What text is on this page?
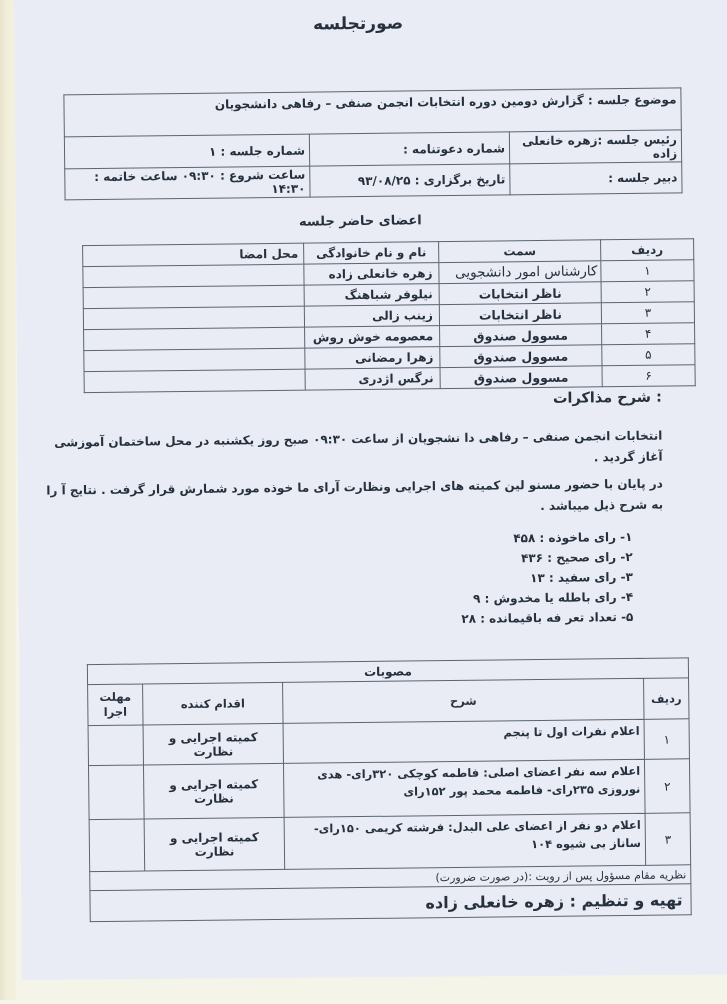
صورتجلسه
موضوع جلسه : گزارش دومین دوره انتخابات انجمن صنفی – رفاهی دانشجویان		
رئیس جلسه :زهره خانعلی زاده	شماره دعوتنامه :	شماره جلسه : ۱
دبیر جلسه :	تاریخ برگزاری : ۹۳/۰۸/۲۵	ساعت شروع : ۰۹:۳۰ ساعت خاتمه : ۱۴:۳۰
اعضای حاضر جلسه
ردیف	سمت	نام و نام خانوادگی	محل امضا
۱	کارشناس امور دانشجویی	زهره خانعلی زاده	
۲	ناظر انتخابات	نیلوفر شباهنگ	
۳	ناظر انتخابات	زینب زالی	
۴	مسوول صندوق	معصومه خوش روش	
۵	مسوول صندوق	زهرا رمضانی	
۶	مسوول صندوق	نرگس اژدری	
شرح مذاکرات :

انتخابات انجمن صنفی – رفاهی دا نشجویان از ساعت ۰۹:۳۰ صبح روز یکشنبه در محل ساختمان آموزشی آغاز گردید .

در پایان با حضور مسنو لین کمیته های اجرایی ونظارت آرای ما خوذه مورد شمارش قرار گرفت . نتایج آ را به شرح ذیل میباشد .

۱- رای ماخوذه : ۴۵۸
۲- رای صحیح : ۴۳۶
۳- رای سفید : ۱۳
۴- رای باطله یا مخدوش : ۹
۵- تعداد تعر فه باقیمانده : ۲۸
مصوبات			
ردیف	شرح	اقدام کننده	مهلت اجرا
۱	اعلام نفرات اول تا پنجم	کمیته اجرایی و نظارت	
۲	اعلام سه نفر اعضای اصلی: فاطمه کوچکی ۳۲۰رای- هدی نوروزی ۲۳۵رای- فاطمه محمد پور ۱۵۲رای	کمیته اجرایی و نظارت	
۳	اعلام دو نفر از اعضای علی البدل: فرشته کریمی ۱۵۰رای- ساناز بی شیوه ۱۰۴	کمیته اجرایی و نظارت	
نظریه مقام مسؤول پس از رویت :(در صورت ضرورت)			
تهیه و تنظیم : زهره خانعلی زاده			
